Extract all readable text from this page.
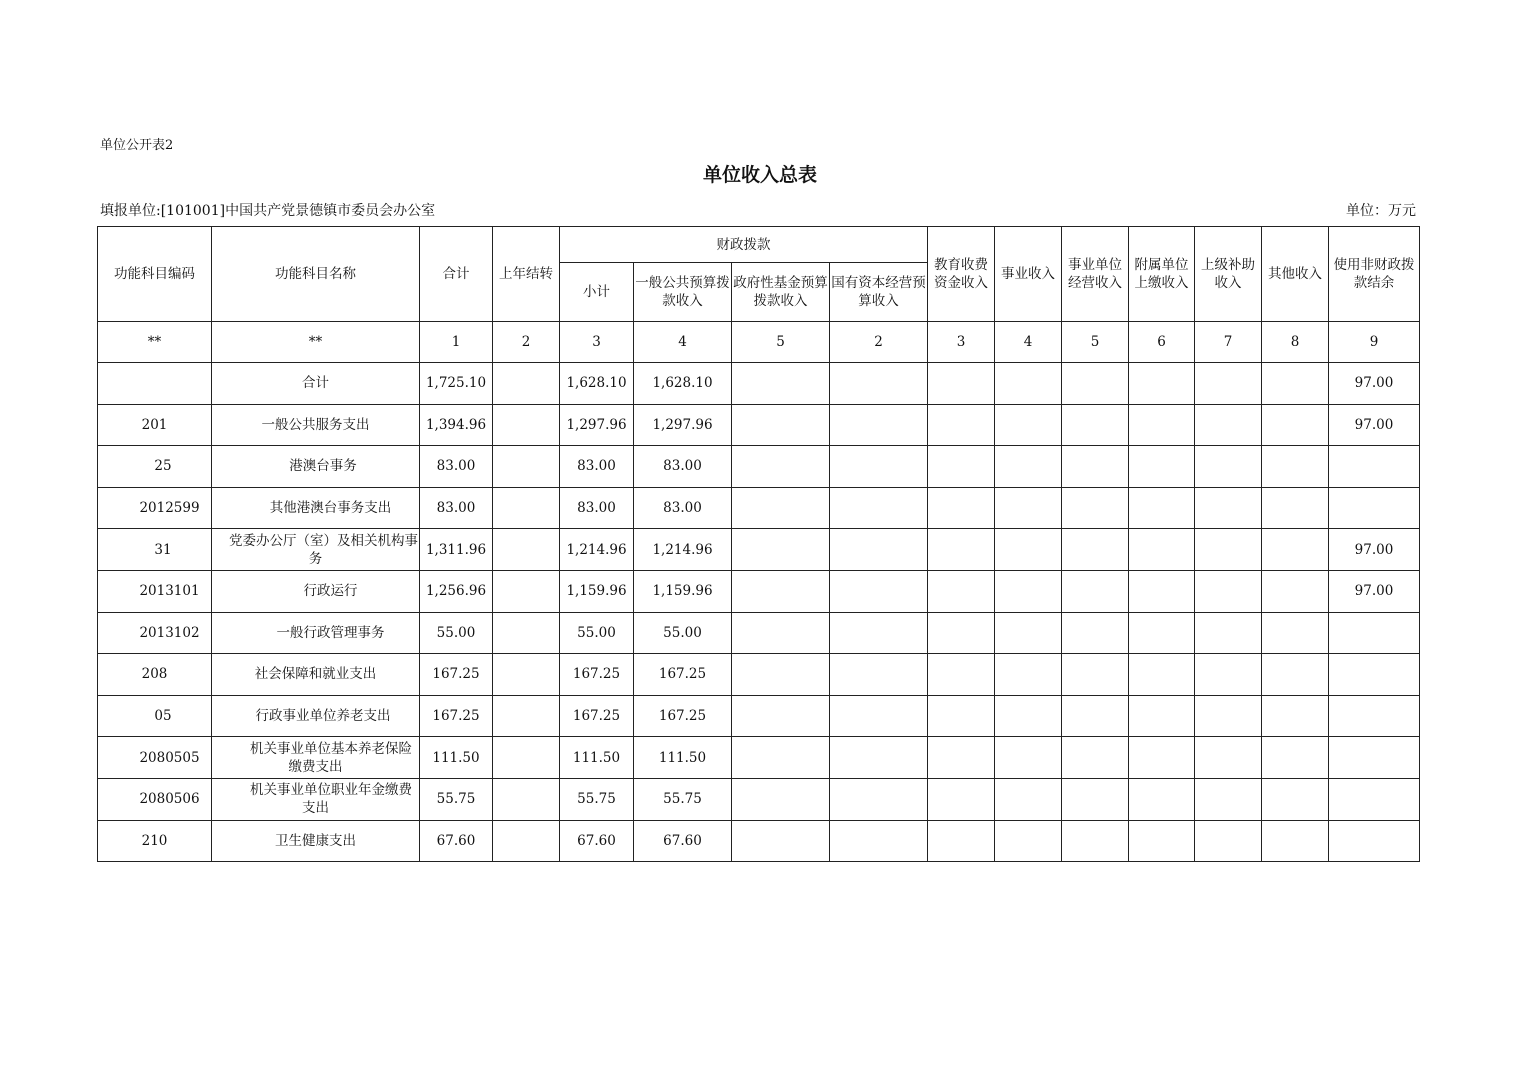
单位公开表2
单位收入总表
填报单位:[101001]中国共产党景德镇市委员会办公室	单位：万元
功能科目编码	功能科目名称	合计	上年结转	财政拨款				教育收费资金收入	事业收入	事业单位经营收入	附属单位上缴收入	上级补助收入	其他收入	使用非财政拨款结余
				小计	一般公共预算拨款收入	政府性基金预算拨款收入	国有资本经营预算收入							
**	**	1	2	3	4	5	2	3	4	5	6	7	8	9
	合计	1,725.10		1,628.10	1,628.10									97.00
201	一般公共服务支出	1,394.96		1,297.96	1,297.96									97.00
25	港澳台事务	83.00		83.00	83.00									
2012599	其他港澳台事务支出	83.00		83.00	83.00									
31	党委办公厅（室）及相关机构事务	1,311.96		1,214.96	1,214.96									97.00
2013101	行政运行	1,256.96		1,159.96	1,159.96									97.00
2013102	一般行政管理事务	55.00		55.00	55.00									
208	社会保障和就业支出	167.25		167.25	167.25									
05	行政事业单位养老支出	167.25		167.25	167.25									
2080505	机关事业单位基本养老保险缴费支出	111.50		111.50	111.50									
2080506	机关事业单位职业年金缴费支出	55.75		55.75	55.75									
210	卫生健康支出	67.60		67.60	67.60									
